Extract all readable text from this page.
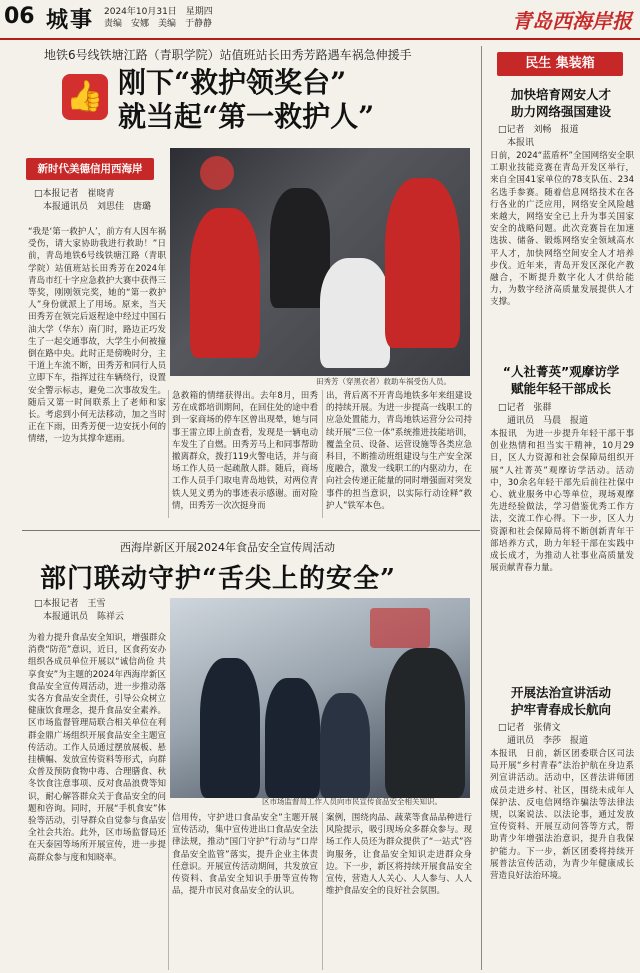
06 城事 2024年10月31日　星期四
责编　安娜　美编　于静静	青岛西海岸报
地铁6号线铁塘江路（青职学院）站值班站长田秀芳路遇车祸急伸援手
👍 刚下“救护领奖台”
就当起“第一救护人”
新时代美德信用西海岸
□本报记者　崔晓青
　本报通讯员　刘思佳　唐璐
田秀芳（穿黑衣者）救助车祸受伤人员。
“我是‘第一救护人’，前方有人因车祸受伤，请大家协助我进行救助！”日前，青岛地铁6号线铁塘江路（青职学院）站值班站长田秀芳在2024年青岛市红十字应急救护大赛中获得三等奖，刚刚领完奖，她的“第一救护人”身份就派上了用场。原来，当天田秀芳在领完后返程途中经过中国石油大学（华东）南门时，路边正巧发生了一起交通事故，大学生小何被撞倒在路中央。此时正是傍晚时分，主干道上车流不断，田秀芳和同行人员立即下车，指挥过往车辆绕行，设置安全警示标志，避免二次事故发生。随后又第一时间联系上了老师和家长。考虑到小何无法移动，加之当时正在下雨，田秀芳便一边安抚小何的情绪，一边为其撑伞遮雨。
急救箱的情绪获得出。去年8月，田秀芳在成都培训期间，在回住处的途中看到一家商场的停车区曾出现晕，她与同事王雷立即上前查看，发现是一辆电动车发生了自燃。田秀芳马上和同事帮助撤离群众，拨打119火警电话，并与商场工作人员一起疏散人群。随后，商场工作人员手门取电青岛地铁，对两位青铁人见义勇为的事迹表示感谢。面对险情，田秀芳一次次挺身而
出，背后离不开青岛地铁多年来组建设的持续开展。为进一步提高一线职工的应急处置能力，青岛地铁运营分公司持续开展“三位一体”系统推进技能培训，覆盖全员、设备、运营设施等各类应急科目，不断推动班组建设与生产安全深度融合，激发一线职工的内驱动力，在向社会传递正能量的同时增强面对突发事件的担当意识，以实际行动诠释“救护人”铁军本色。
民生 集装箱
加快培育网安人才
助力网络强国建设
□记者　刘畅　报道
　本报讯
日前，2024“蓝盾杯”全国网络安全职工职业技能竞赛在青岛开发区举行，来自全国41家单位的78支队伍、234名选手参赛。随着信息网络技术在各行各业的广泛应用，网络安全风险越来越大，网络安全已上升为事关国家安全的战略问题。此次竞赛旨在加速选拔、储备、锻炼网络安全领域高水平人才，加快网络空间安全人才培养步伐。近年来，青岛开发区深化产教融合，不断提升数字化人才供给能力，为数字经济高质量发展提供人才支撑。
“人社菁英”观摩访学
赋能年轻干部成长
□记者　张群
　通讯员　马晨　报道
本报讯　为进一步提升年轻干部干事创业热情和担当实干精神，10月29日，区人力资源和社会保障局组织开展“人社菁英”观摩访学活动。活动中，30余名年轻干部先后前往社保中心、就业服务中心等单位，现场观摩先进经验做法，学习借鉴优秀工作方法，交流工作心得。下一步，区人力资源和社会保障局将不断创新青年干部培养方式，助力年轻干部在实践中成长成才，为推动人社事业高质量发展贡献青春力量。
开展法治宣讲活动
护牢青春成长航向
□记者　张倩文
　通讯员　李莎　报道
本报讯　日前，新区团委联合区司法局开展“乡村青春”法治护航在身边系列宣讲活动。活动中，区普法讲师团成员走进乡村、社区，围绕未成年人保护法、反电信网络诈骗法等法律法规，以案说法、以法论事，通过发放宣传资料、开展互动问答等方式，帮助青少年增强法治意识，提升自我保护能力。下一步，新区团委将持续开展普法宣传活动，为青少年健康成长营造良好法治环境。
西海岸新区开展2024年食品安全宣传周活动
部门联动守护“舌尖上的安全”
□本报记者　王雪
　本报通讯员　陈祥云
区市场监督局工作人员向市民宣传食品安全相关知识。
为着力提升食品安全知识，增强群众消费“防范”意识，近日，区食药安办组织各成员单位开展以“诚信尚俭 共享食安”为主题的2024年西海岸新区食品安全宣传周活动，进一步推动落实各方食品安全责任，引导公众树立健康饮食理念，提升食品安全素养。区市场监督管理局联合相关单位在利群金鼎广场组织开展食品安全主题宣传活动。工作人员通过摆放展板、悬挂横幅、发放宣传资料等形式，向群众普及预防食物中毒、合理膳食、秋冬饮食注意事项、反对食品浪费等知识，耐心解答群众关于食品安全的问题和咨询。同时，开展“手机食安”体验等活动，引导群众自觉参与食品安全社会共治。此外，区市场监督局还在天泰园等场所开展宣传，进一步提高群众参与度和知晓率。
信用传，守护进口食品安全”主题开展宣传活动，集中宣传进出口食品安全法律法规，推动“国门守护”行动与“口岸食品安全监管”落实，提升企业主体责任意识。开展宣传活动期间，共发放宣传资料、食品安全知识手册等宣传物品，提升市民对食品安全的认识。
案例，围绕肉品、蔬菜等食品品种进行风险提示，吸引现场众多群众参与。现场工作人员还为群众提供了“一站式”咨询服务，让食品安全知识走进群众身边。下一步，新区将持续开展食品安全宣传，营造人人关心、人人参与、人人维护食品安全的良好社会氛围。
